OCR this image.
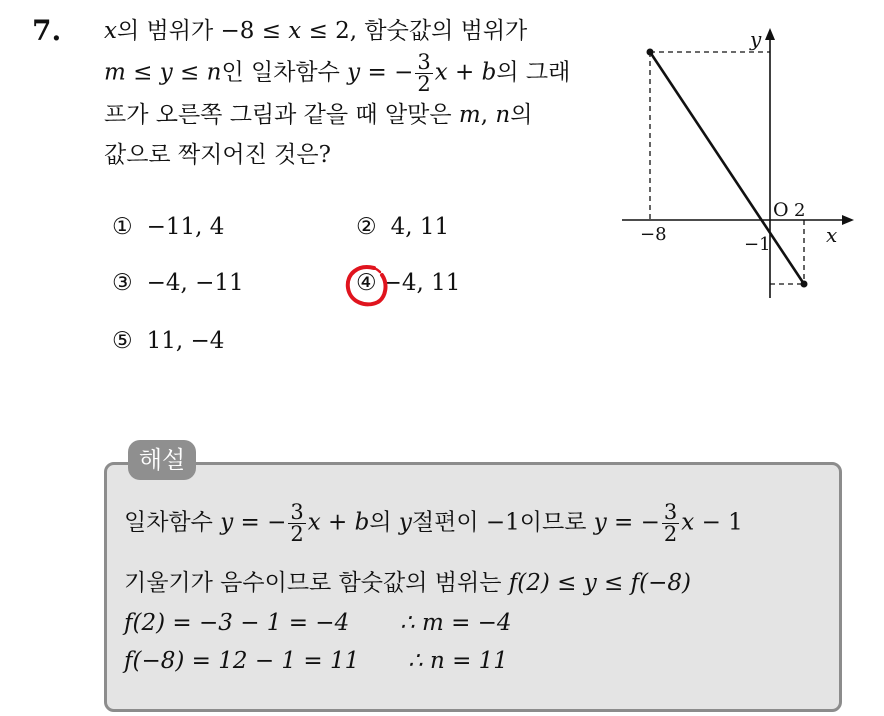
7. x의 범위가 −8 ≤ x ≤ 2, 함숫값의 범위가
m ≤ y ≤ n인 일차함수 y = − $\frac{3}{2}$ x + b의 그래
프가 오른쪽 그림과 같을 때 알맞은 m, n의
값으로 짝지어진 것은?
① −11, 4	② 4, 11
③ −4, −11	④ −4, 11
⑤ 11, −4
y
x
O 2
−8	−1
해설
일차함수 y = − $\frac{3}{2}$ x + b의 y절편이 −1이므로 y = − $\frac{3}{2}$ x − 1
기울기가 음수이므로 함숫값의 범위는 f(2) ≤ y ≤ f(−8)
f(2) = −3 − 1 = −4 ∴ m = −4
f(−8) = 12 − 1 = 11 ∴ n = 11
